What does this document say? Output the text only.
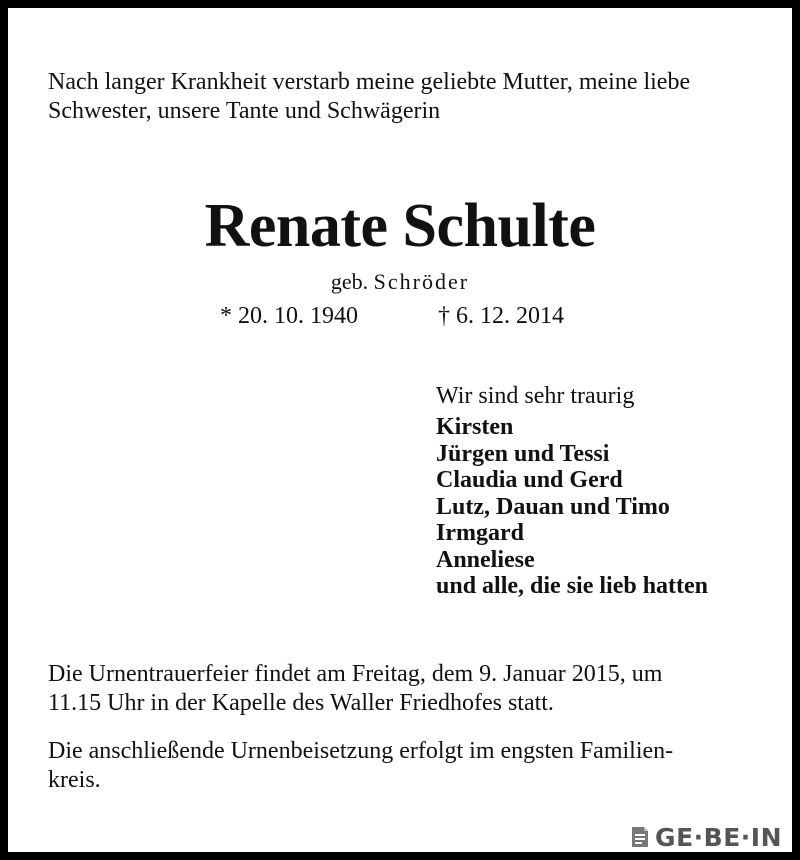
Nach langer Krankheit verstarb meine geliebte Mutter, meine liebe
Schwester, unsere Tante und Schwägerin

Renate Schulte

geb. Schröder

* 20. 10. 1940	† 6. 12. 2014

Wir sind sehr traurig

Kirsten
Jürgen und Tessi
Claudia und Gerd
Lutz, Dauan und Timo
Irmgard
Anneliese
und alle, die sie lieb hatten

Die Urnentrauerfeier findet am Freitag, dem 9. Januar 2015, um
11.15 Uhr in der Kapelle des Waller Friedhofes statt.

Die anschließende Urnenbeisetzung erfolgt im engsten Familien-
kreis.

GE·BE·IN
